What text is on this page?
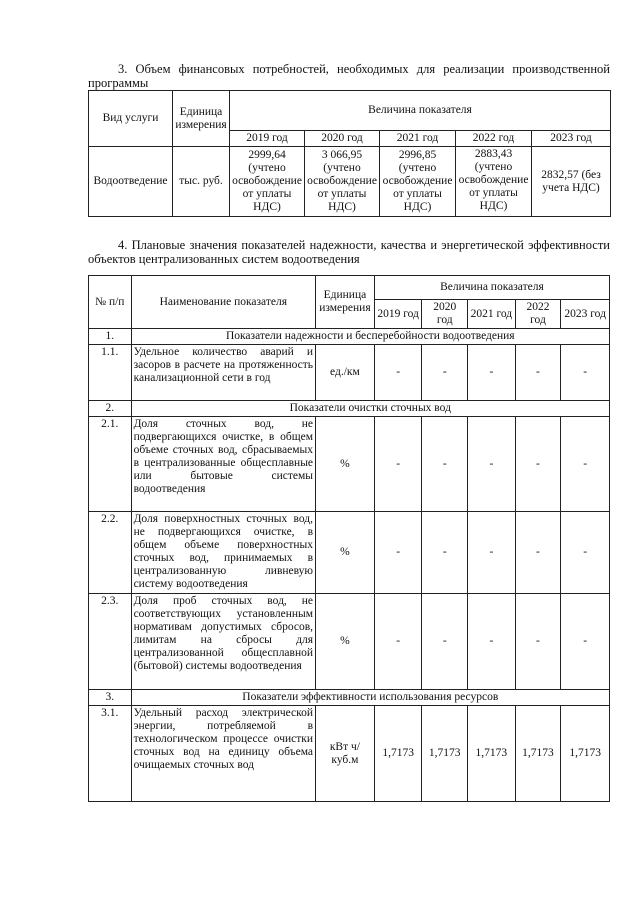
3. Объем финансовых потребностей, необходимых для реализации производственной программы
Вид услуги	Единица измерения	Величина показателя				
		2019 год	2020 год	2021 год	2022 год	2023 год
Водоотведение	тыс. руб.	2999,64 (учтено освобождение от уплаты НДС)	3 066,95 (учтено освобождение от уплаты НДС)	2996,85 (учтено освобождение от уплаты НДС)	2883,43 (учтено освобождение от уплаты НДС)	2832,57 (без учета НДС)
4. Плановые значения показателей надежности, качества и энергетической эффективности объектов централизованных систем водоотведения
№ п/п	Наименование показателя	Единица измерения	Величина показателя				
			2019 год	2020 год	2021 год	2022 год	2023 год
1.	Показатели надежности и бесперебойности водоотведения						
1.1.	Удельное количество аварий и засоров в расчете на протяженность канализационной сети в год	ед./км	-	-	-	-	-
2.	Показатели очистки сточных вод						
2.1.	Доля сточных вод, не подвергающихся очистке, в общем объеме сточных вод, сбрасываемых в централизованные общесплавные или бытовые системы водоотведения	%	-	-	-	-	-
2.2.	Доля поверхностных сточных вод, не подвергающихся очистке, в общем объеме поверхностных сточных вод, принимаемых в централизованную ливневую систему водоотведения	%	-	-	-	-	-
2.3.	Доля проб сточных вод, не соответствующих установленным нормативам допустимых сбросов, лимитам на сбросы для централизованной общесплавной (бытовой) системы водоотведения	%	-	-	-	-	-
3.	Показатели эффективности использования ресурсов						
3.1.	Удельный расход электрической энергии, потребляемой в технологическом процессе очистки сточных вод на единицу объема очищаемых сточных вод	кВт ч/куб.м	1,7173	1,7173	1,7173	1,7173	1,7173
